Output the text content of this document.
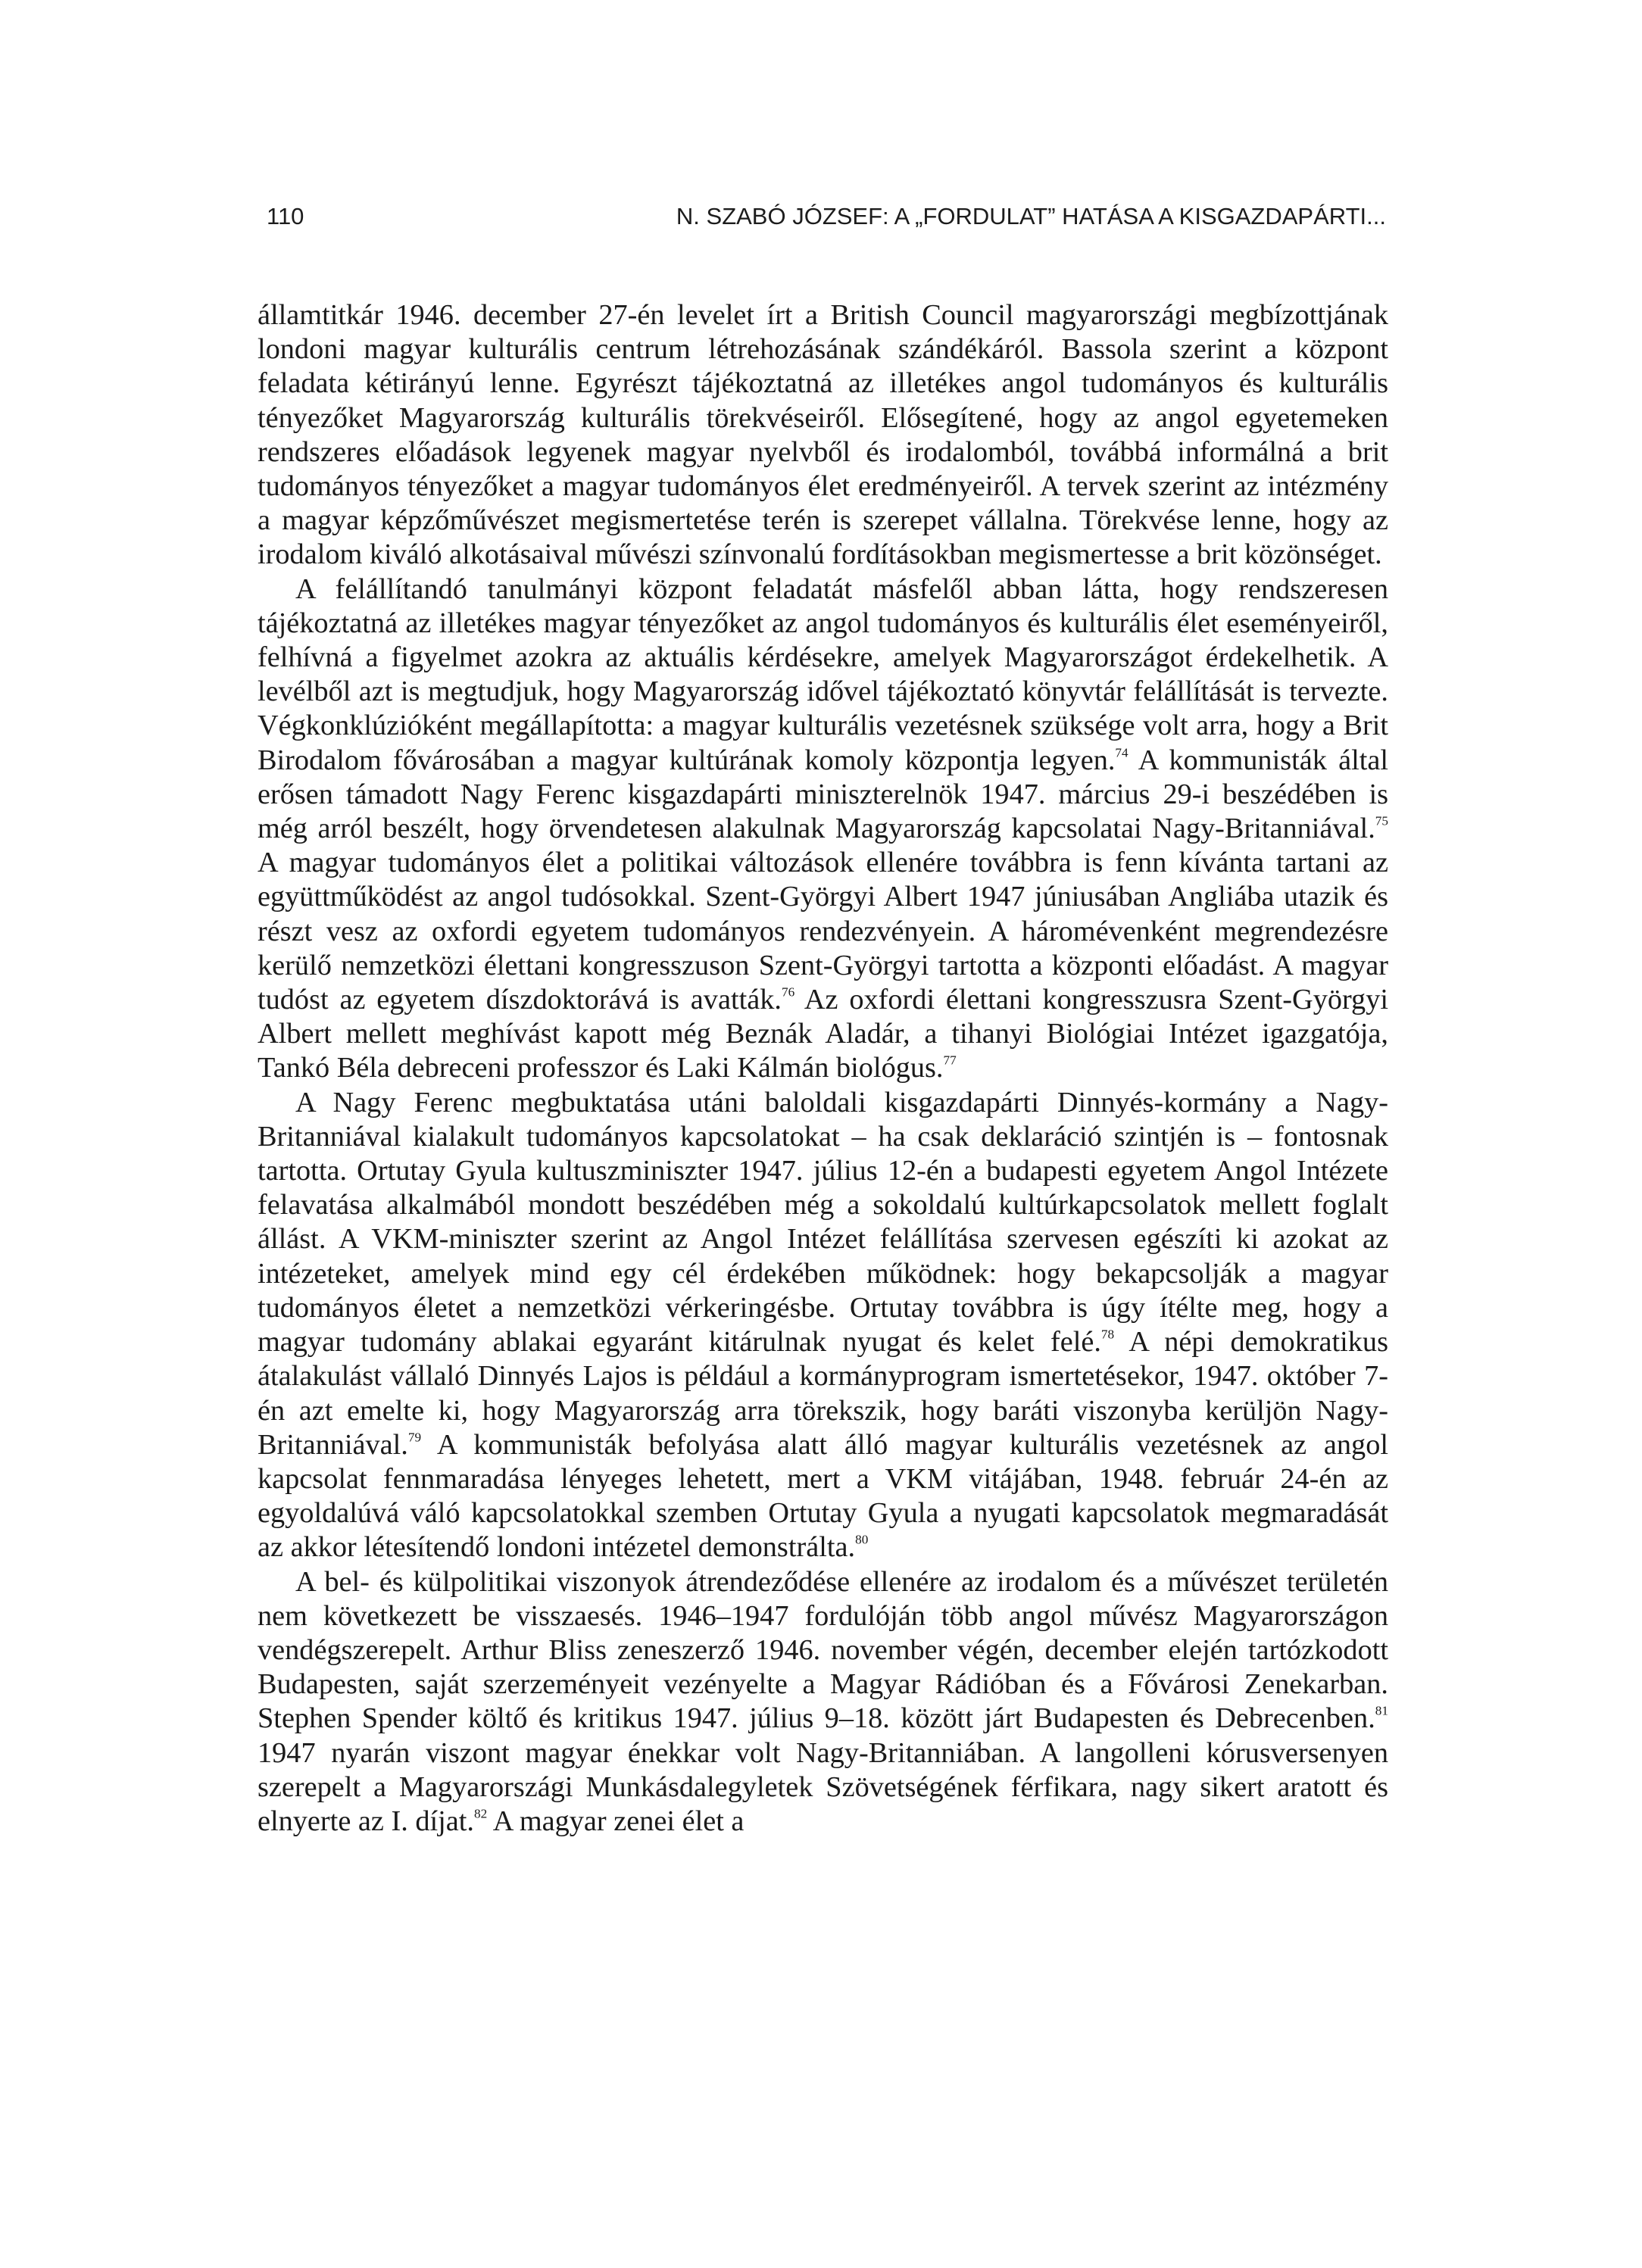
110	N. SZABÓ JÓZSEF: A „FORDULAT” HATÁSA A KISGAZDAPÁRTI...

államtitkár 1946. december 27-én levelet írt a British Council magyarországi megbízottjának londoni magyar kulturális centrum létrehozásának szándékáról. Bassola szerint a központ feladata kétirányú lenne. Egyrészt tájékoztatná az illetékes angol tudományos és kulturális tényezőket Magyarország kulturális törekvéseiről. Elősegítené, hogy az angol egyetemeken rendszeres előadások legyenek magyar nyelvből és irodalomból, továbbá informálná a brit tudományos tényezőket a magyar tudományos élet eredményeiről. A tervek szerint az intézmény a magyar képzőművészet megismertetése terén is szerepet vállalna. Törekvése lenne, hogy az irodalom kiváló alkotásaival művészi színvonalú fordításokban megismertesse a brit közönséget.

A felállítandó tanulmányi központ feladatát másfelől abban látta, hogy rendszeresen tájékoztatná az illetékes magyar tényezőket az angol tudományos és kulturális élet eseményeiről, felhívná a figyelmet azokra az aktuális kérdésekre, amelyek Magyarországot érdekelhetik. A levélből azt is megtudjuk, hogy Magyarország idővel tájékoztató könyvtár felállítását is tervezte. Végkonklúzióként megállapította: a magyar kulturális vezetésnek szüksége volt arra, hogy a Brit Birodalom fővárosában a magyar kultúrának komoly központja legyen.$^{74}$ A kommunisták által erősen támadott Nagy Ferenc kisgazdapárti miniszterelnök 1947. március 29-i beszédében is még arról beszélt, hogy örvendetesen alakulnak Magyarország kapcsolatai Nagy-Britanniával.$^{75}$ A magyar tudományos élet a politikai változások ellenére továbbra is fenn kívánta tartani az együttműködést az angol tudósokkal. Szent-Györgyi Albert 1947 júniusában Angliába utazik és részt vesz az oxfordi egyetem tudományos rendezvényein. A háromévenként megrendezésre kerülő nemzetközi élettani kongresszuson Szent-Györgyi tartotta a központi előadást. A magyar tudóst az egyetem díszdoktorává is avatták.$^{76}$ Az oxfordi élettani kongresszusra Szent-Györgyi Albert mellett meghívást kapott még Beznák Aladár, a tihanyi Biológiai Intézet igazgatója, Tankó Béla debreceni professzor és Laki Kálmán biológus.$^{77}$

A Nagy Ferenc megbuktatása utáni baloldali kisgazdapárti Dinnyés-kormány a Nagy-Britanniával kialakult tudományos kapcsolatokat – ha csak deklaráció szintjén is – fontosnak tartotta. Ortutay Gyula kultuszminiszter 1947. július 12-én a budapesti egyetem Angol Intézete felavatása alkalmából mondott beszédében még a sokoldalú kultúrkapcsolatok mellett foglalt állást. A VKM-miniszter szerint az Angol Intézet felállítása szervesen egészíti ki azokat az intézeteket, amelyek mind egy cél érdekében működnek: hogy bekapcsolják a magyar tudományos életet a nemzetközi vérkeringésbe. Ortutay továbbra is úgy ítélte meg, hogy a magyar tudomány ablakai egyaránt kitárulnak nyugat és kelet felé.$^{78}$ A népi demokratikus átalakulást vállaló Dinnyés Lajos is például a kormányprogram ismertetésekor, 1947. október 7-én azt emelte ki, hogy Magyarország arra törekszik, hogy baráti viszonyba kerüljön Nagy-Britanniával.$^{79}$ A kommunisták befolyása alatt álló magyar kulturális vezetésnek az angol kapcsolat fennmaradása lényeges lehetett, mert a VKM vitájában, 1948. február 24-én az egyoldalúvá váló kapcsolatokkal szemben Ortutay Gyula a nyugati kapcsolatok megmaradását az akkor létesítendő londoni intézetel demonstrálta.$^{80}$

A bel- és külpolitikai viszonyok átrendeződése ellenére az irodalom és a művészet területén nem következett be visszaesés. 1946–1947 fordulóján több angol művész Magyarországon vendégszerepelt. Arthur Bliss zeneszerző 1946. november végén, december elején tartózkodott Budapesten, saját szerzeményeit vezényelte a Magyar Rádióban és a Fővárosi Zenekarban. Stephen Spender költő és kritikus 1947. július 9–18. között járt Budapesten és Debrecenben.$^{81}$ 1947 nyarán viszont magyar énekkar volt Nagy-Britanniában. A langolleni kórusversenyen szerepelt a Magyarországi Munkásdalegyletek Szövetségének férfikara, nagy sikert aratott és elnyerte az I. díjat.$^{82}$ A magyar zenei élet a
